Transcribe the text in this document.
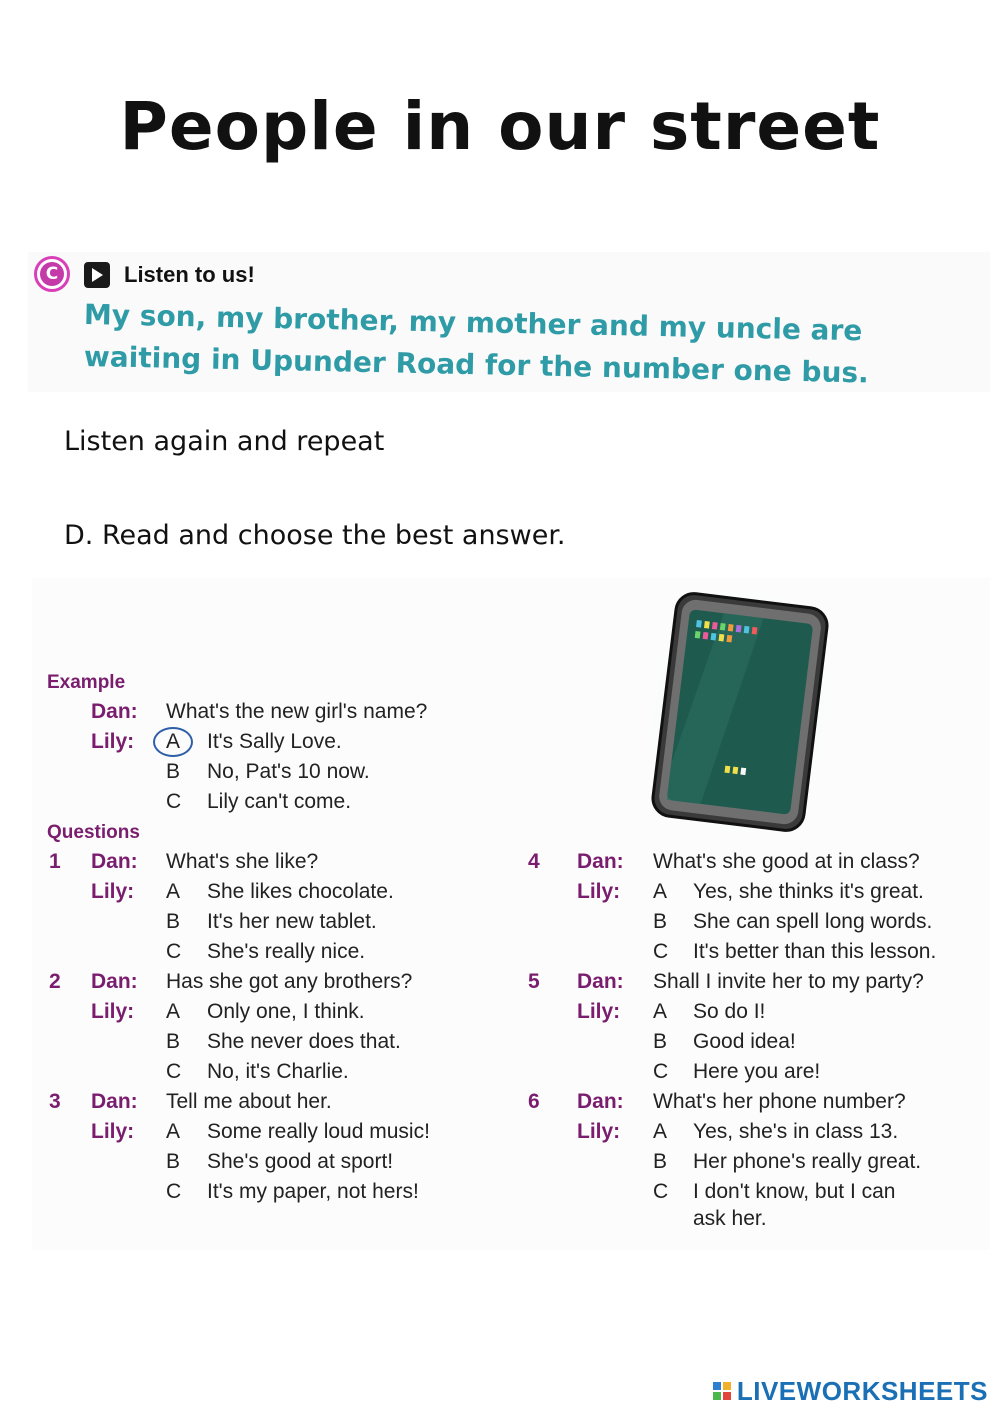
People in our street
C	Listen to us!
My son, my brother, my mother and my uncle are
waiting in Upunder Road for the number one bus.
Listen again and repeat
D. Read and choose the best answer.
Example
Dan: What's the new girl's name?
Lily: A It's Sally Love.
B No, Pat's 10 now.
C Lily can't come.
Questions
1 Dan: What's she like?
Lily: A She likes chocolate.
B It's her new tablet.
C She's really nice.
2 Dan: Has she got any brothers?
Lily: A Only one, I think.
B She never does that.
C No, it's Charlie.
3 Dan: Tell me about her.
Lily: A Some really loud music!
B She's good at sport!
C It's my paper, not hers!
4 Dan: What's she good at in class?
Lily: A Yes, she thinks it's great.
B She can spell long words.
C It's better than this lesson.
5 Dan: Shall I invite her to my party?
Lily: A So do I!
B Good idea!
C Here you are!
6 Dan: What's her phone number?
Lily: A Yes, she's in class 13.
B Her phone's really great.
C I don't know, but I can
ask her.
LIVEWORKSHEETS
